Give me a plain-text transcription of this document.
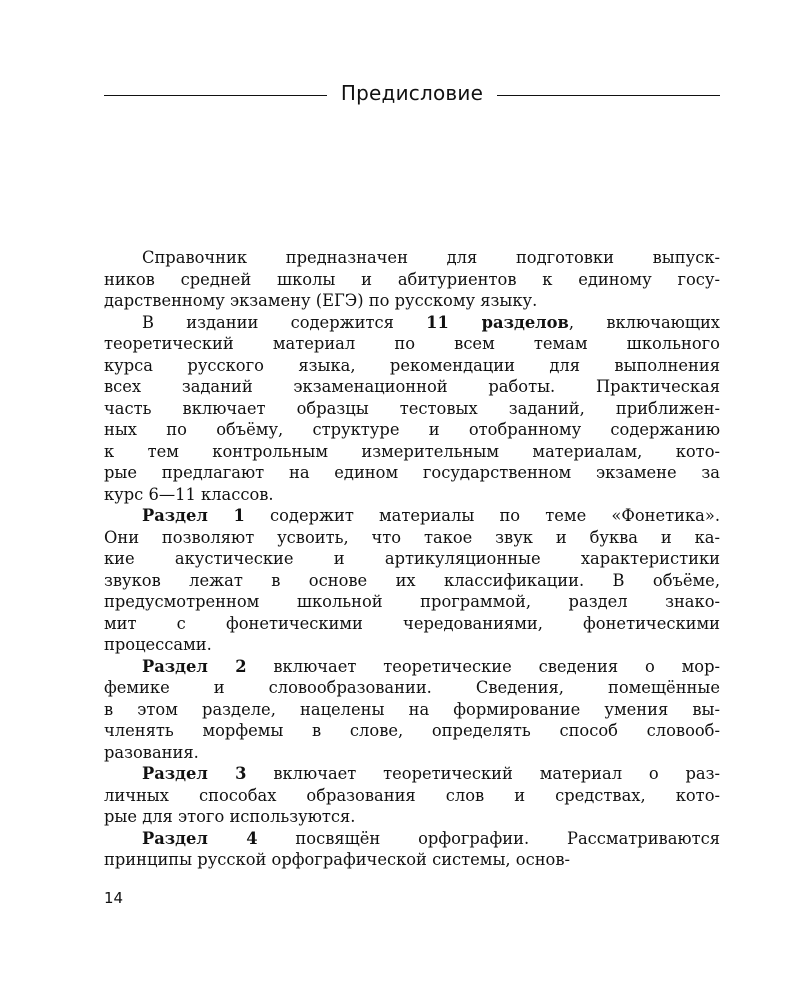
Предисловие
Справочник предназначен для подготовки выпуск-
ников средней школы и абитуриентов к единому госу-
дарственному экзамену (ЕГЭ) по русскому языку.
В издании содержится 11 разделов, включающих
теоретический материал по всем темам школьного
курса русского языка, рекомендации для выполнения
всех заданий экзаменационной работы. Практическая
часть включает образцы тестовых заданий, приближен-
ных по объёму, структуре и отобранному содержанию
к тем контрольным измерительным материалам, кото-
рые предлагают на едином государственном экзамене за
курс 6—11 классов.
Раздел 1 содержит материалы по теме «Фонетика».
Они позволяют усвоить, что такое звук и буква и ка-
кие акустические и артикуляционные характеристики
звуков лежат в основе их классификации. В объёме,
предусмотренном школьной программой, раздел знако-
мит с фонетическими чередованиями, фонетическими
процессами.
Раздел 2 включает теоретические сведения о мор-
фемике и словообразовании. Сведения, помещённые
в этом разделе, нацелены на формирование умения вы-
членять морфемы в слове, определять способ словооб-
разования.
Раздел 3 включает теоретический материал о раз-
личных способах образования слов и средствах, кото-
рые для этого используются.
Раздел 4 посвящён орфографии. Рассматриваются
принципы русской орфографической системы, основ-
14
